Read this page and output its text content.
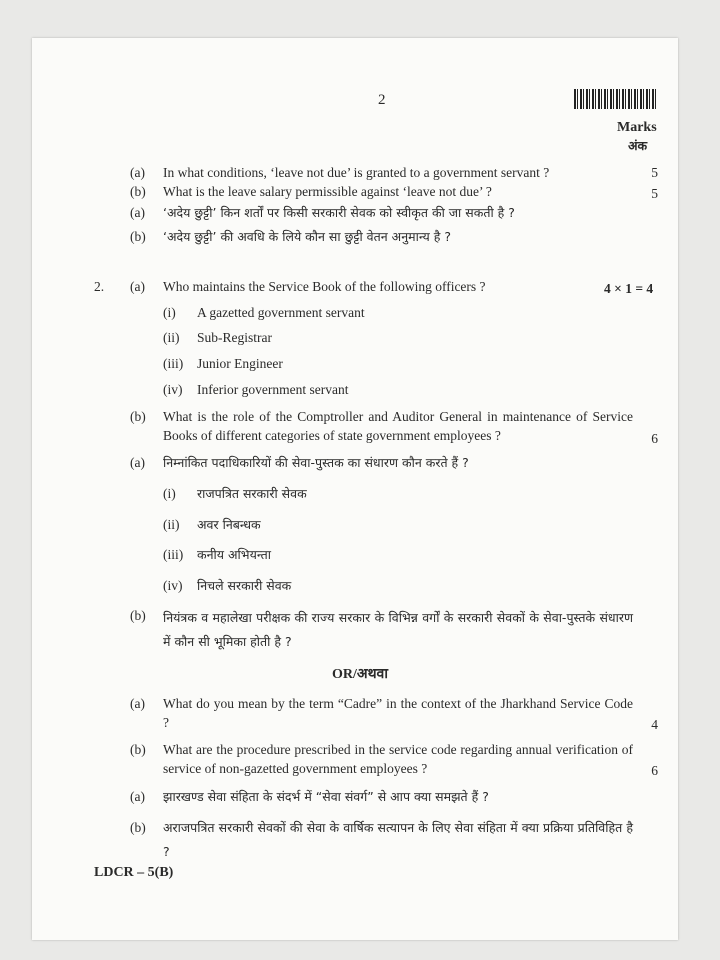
2
Marks
अंक
(a) In what conditions, ‘leave not due’ is granted to a government servant ?	5
(b) What is the leave salary permissible against ‘leave not due’ ?	5
(a) ‘अदेय छुट्टी’ किन शर्तों पर किसी सरकारी सेवक को स्वीकृत की जा सकती है ?
(b) ‘अदेय छुट्टी’ की अवधि के लिये कौन सा छुट्टी वेतन अनुमान्य है ?
2. (a) Who maintains the Service Book of the following officers ?	4 × 1 = 4
(i) A gazetted government servant
(ii) Sub-Registrar
(iii) Junior Engineer
(iv) Inferior government servant
(b) What is the role of the Comptroller and Auditor General in maintenance of Service Books of different categories of state government employees ?	6
(a) निम्नांकित पदाधिकारियों की सेवा-पुस्तक का संधारण कौन करते हैं ?
(i) राजपत्रित सरकारी सेवक
(ii) अवर निबन्धक
(iii) कनीय अभियन्ता
(iv) निचले सरकारी सेवक
(b) नियंत्रक व महालेखा परीक्षक की राज्य सरकार के विभिन्न वर्गों के सरकारी सेवकों के सेवा-पुस्तके संधारण में कौन सी भूमिका होती है ?
OR/अथवा
(a) What do you mean by the term “Cadre” in the context of the Jharkhand Service Code ?	4
(b) What are the procedure prescribed in the service code regarding annual verification of service of non-gazetted government employees ?	6
(a) झारखण्ड सेवा संहिता के संदर्भ में “सेवा संवर्ग” से आप क्या समझते हैं ?
(b) अराजपत्रित सरकारी सेवकों की सेवा के वार्षिक सत्यापन के लिए सेवा संहिता में क्या प्रक्रिया प्रतिविहित है ?
LDCR – 5(B)
